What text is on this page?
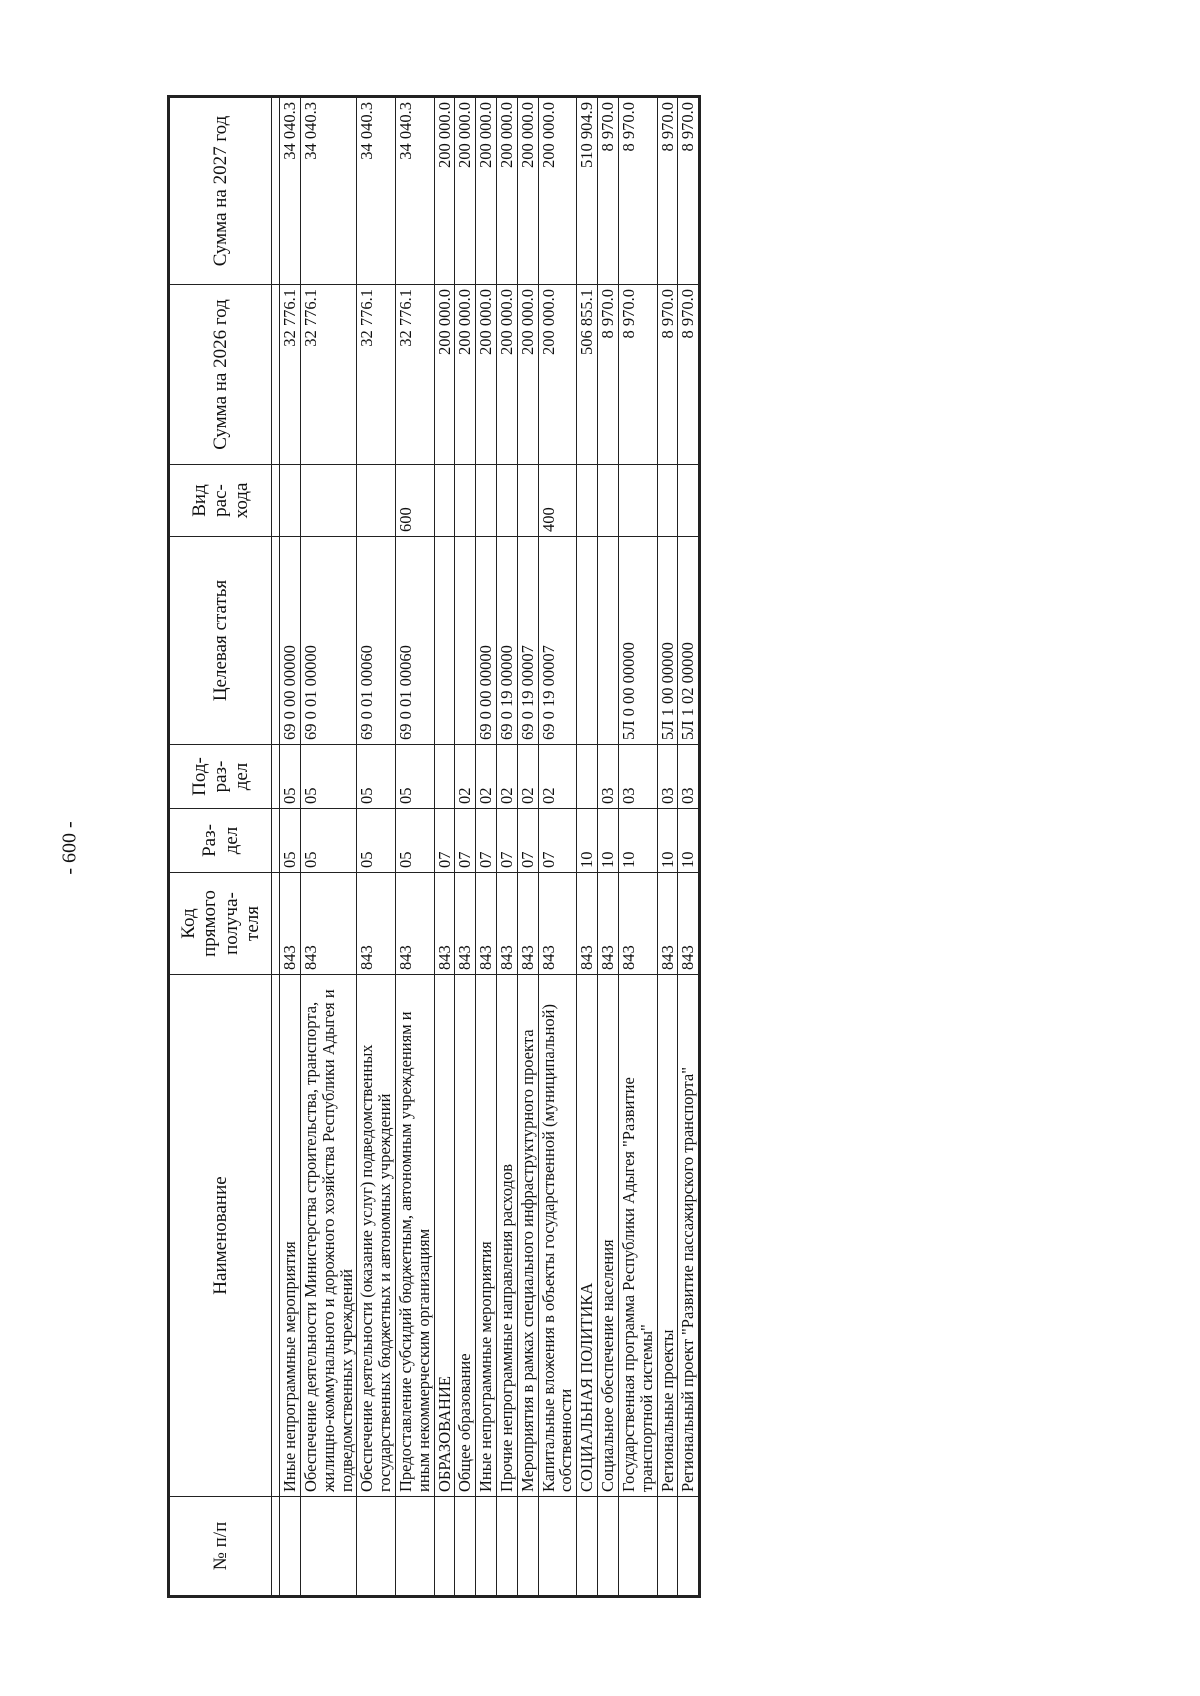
- 600 -
№ п/п	Наименование	Код прямого получа-теля	Раз-дел	Под-раз-дел	Целевая статья	Вид рас-хода	Сумма на 2026 год	Сумма на 2027 год

	Иные непрограммные мероприятия	843	05	05	69 0 00 00000		32 776.1	34 040.3
	Обеспечение деятельности Министерства строительства, транспорта, жилищно-коммунального и дорожного хозяйства Республики Адыгея и подведомственных учреждений	843	05	05	69 0 01 00000		32 776.1	34 040.3
	Обеспечение деятельности (оказание услуг) подведомственных государственных бюджетных и автономных учреждений	843	05	05	69 0 01 00060		32 776.1	34 040.3
	Предоставление субсидий бюджетным, автономным учреждениям и иным некоммерческим организациям	843	05	05	69 0 01 00060	600	32 776.1	34 040.3
	ОБРАЗОВАНИЕ	843	07				200 000.0	200 000.0
	Общее образование	843	07	02			200 000.0	200 000.0
	Иные непрограммные мероприятия	843	07	02	69 0 00 00000		200 000.0	200 000.0
	Прочие непрограммные направления расходов	843	07	02	69 0 19 00000		200 000.0	200 000.0
	Мероприятия в рамках специального инфраструктурного проекта	843	07	02	69 0 19 00007		200 000.0	200 000.0
	Капитальные вложения в объекты государственной (муниципальной) собственности	843	07	02	69 0 19 00007	400	200 000.0	200 000.0
	СОЦИАЛЬНАЯ ПОЛИТИКА	843	10				506 855.1	510 904.9
	Социальное обеспечение населения	843	10	03			8 970.0	8 970.0
	Государственная программа Республики Адыгея "Развитие транспортной системы"	843	10	03	5Л 0 00 00000		8 970.0	8 970.0
	Региональные проекты	843	10	03	5Л 1 00 00000		8 970.0	8 970.0
	Региональный проект "Развитие пассажирского транспорта"	843	10	03	5Л 1 02 00000		8 970.0	8 970.0
